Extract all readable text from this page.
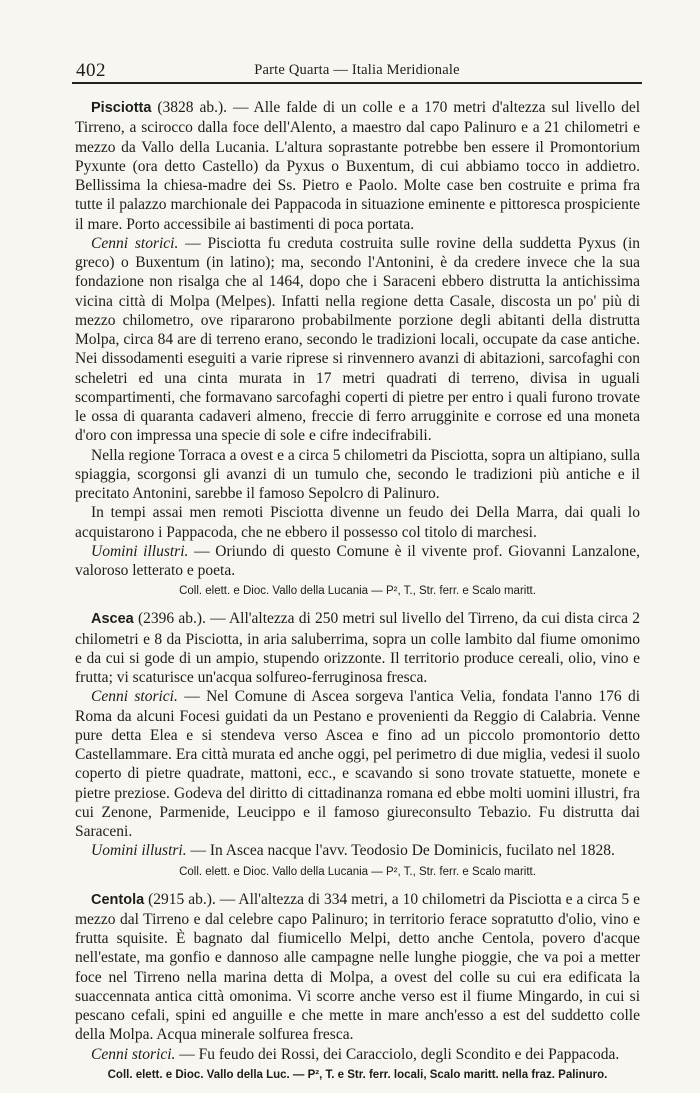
402	Parte Quarta — Italia Meridionale

Pisciotta (3828 ab.). — Alle falde di un colle e a 170 metri d'altezza sul livello del Tirreno, a scirocco dalla foce dell'Alento, a maestro dal capo Palinuro e a 21 chilometri e mezzo da Vallo della Lucania. L'altura soprastante potrebbe ben essere il Promontorium Pyxunte (ora detto Castello) da Pyxus o Buxentum, di cui abbiamo tocco in addietro. Bellissima la chiesa-madre dei Ss. Pietro e Paolo. Molte case ben costruite e prima fra tutte il palazzo marchionale dei Pappacoda in situazione eminente e pittoresca prospiciente il mare. Porto accessibile ai bastimenti di poca portata.

Cenni storici. — Pisciotta fu creduta costruita sulle rovine della suddetta Pyxus (in greco) o Buxentum (in latino); ma, secondo l'Antonini, è da credere invece che la sua fondazione non risalga che al 1464, dopo che i Saraceni ebbero distrutta la antichissima vicina città di Molpa (Melpes). Infatti nella regione detta Casale, discosta un po' più di mezzo chilometro, ove ripararono probabilmente porzione degli abitanti della distrutta Molpa, circa 84 are di terreno erano, secondo le tradizioni locali, occupate da case antiche. Nei dissodamenti eseguiti a varie riprese si rinvennero avanzi di abitazioni, sarcofaghi con scheletri ed una cinta murata in 17 metri quadrati di terreno, divisa in uguali scompartimenti, che formavano sarcofaghi coperti di pietre per entro i quali furono trovate le ossa di quaranta cadaveri almeno, freccie di ferro arrugginite e corrose ed una moneta d'oro con impressa una specie di sole e cifre indecifrabili.

Nella regione Torraca a ovest e a circa 5 chilometri da Pisciotta, sopra un altipiano, sulla spiaggia, scorgonsi gli avanzi di un tumulo che, secondo le tradizioni più antiche e il precitato Antonini, sarebbe il famoso Sepolcro di Palinuro.

In tempi assai men remoti Pisciotta divenne un feudo dei Della Marra, dai quali lo acquistarono i Pappacoda, che ne ebbero il possesso col titolo di marchesi.

Uomini illustri. — Oriundo di questo Comune è il vivente prof. Giovanni Lanzalone, valoroso letterato e poeta.

Coll. elett. e Dioc. Vallo della Lucania — P², T., Str. ferr. e Scalo maritt.

Ascea (2396 ab.). — All'altezza di 250 metri sul livello del Tirreno, da cui dista circa 2 chilometri e 8 da Pisciotta, in aria saluberrima, sopra un colle lambito dal fiume omonimo e da cui si gode di un ampio, stupendo orizzonte. Il territorio produce cereali, olio, vino e frutta; vi scaturisce un'acqua solfureo-ferruginosa fresca.

Cenni storici. — Nel Comune di Ascea sorgeva l'antica Velia, fondata l'anno 176 di Roma da alcuni Focesi guidati da un Pestano e provenienti da Reggio di Calabria. Venne pure detta Elea e si stendeva verso Ascea e fino ad un piccolo promontorio detto Castellammare. Era città murata ed anche oggi, pel perimetro di due miglia, vedesi il suolo coperto di pietre quadrate, mattoni, ecc., e scavando si sono trovate statuette, monete e pietre preziose. Godeva del diritto di cittadinanza romana ed ebbe molti uomini illustri, fra cui Zenone, Parmenide, Leucippo e il famoso giureconsulto Tebazio. Fu distrutta dai Saraceni.

Uomini illustri. — In Ascea nacque l'avv. Teodosio De Dominicis, fucilato nel 1828.

Coll. elett. e Dioc. Vallo della Lucania — P², T., Str. ferr. e Scalo maritt.

Centola (2915 ab.). — All'altezza di 334 metri, a 10 chilometri da Pisciotta e a circa 5 e mezzo dal Tirreno e dal celebre capo Palinuro; in territorio ferace sopratutto d'olio, vino e frutta squisite. È bagnato dal fiumicello Melpi, detto anche Centola, povero d'acque nell'estate, ma gonfio e dannoso alle campagne nelle lunghe pioggie, che va poi a metter foce nel Tirreno nella marina detta di Molpa, a ovest del colle su cui era edificata la suaccennata antica città omonima. Vi scorre anche verso est il fiume Mingardo, in cui si pescano cefali, spini ed anguille e che mette in mare anch'esso a est del suddetto colle della Molpa. Acqua minerale solfurea fresca.

Cenni storici. — Fu feudo dei Rossi, dei Caracciolo, degli Scondito e dei Pappacoda.

Coll. elett. e Dioc. Vallo della Luc. — P², T. e Str. ferr. locali, Scalo maritt. nella fraz. Palinuro.
